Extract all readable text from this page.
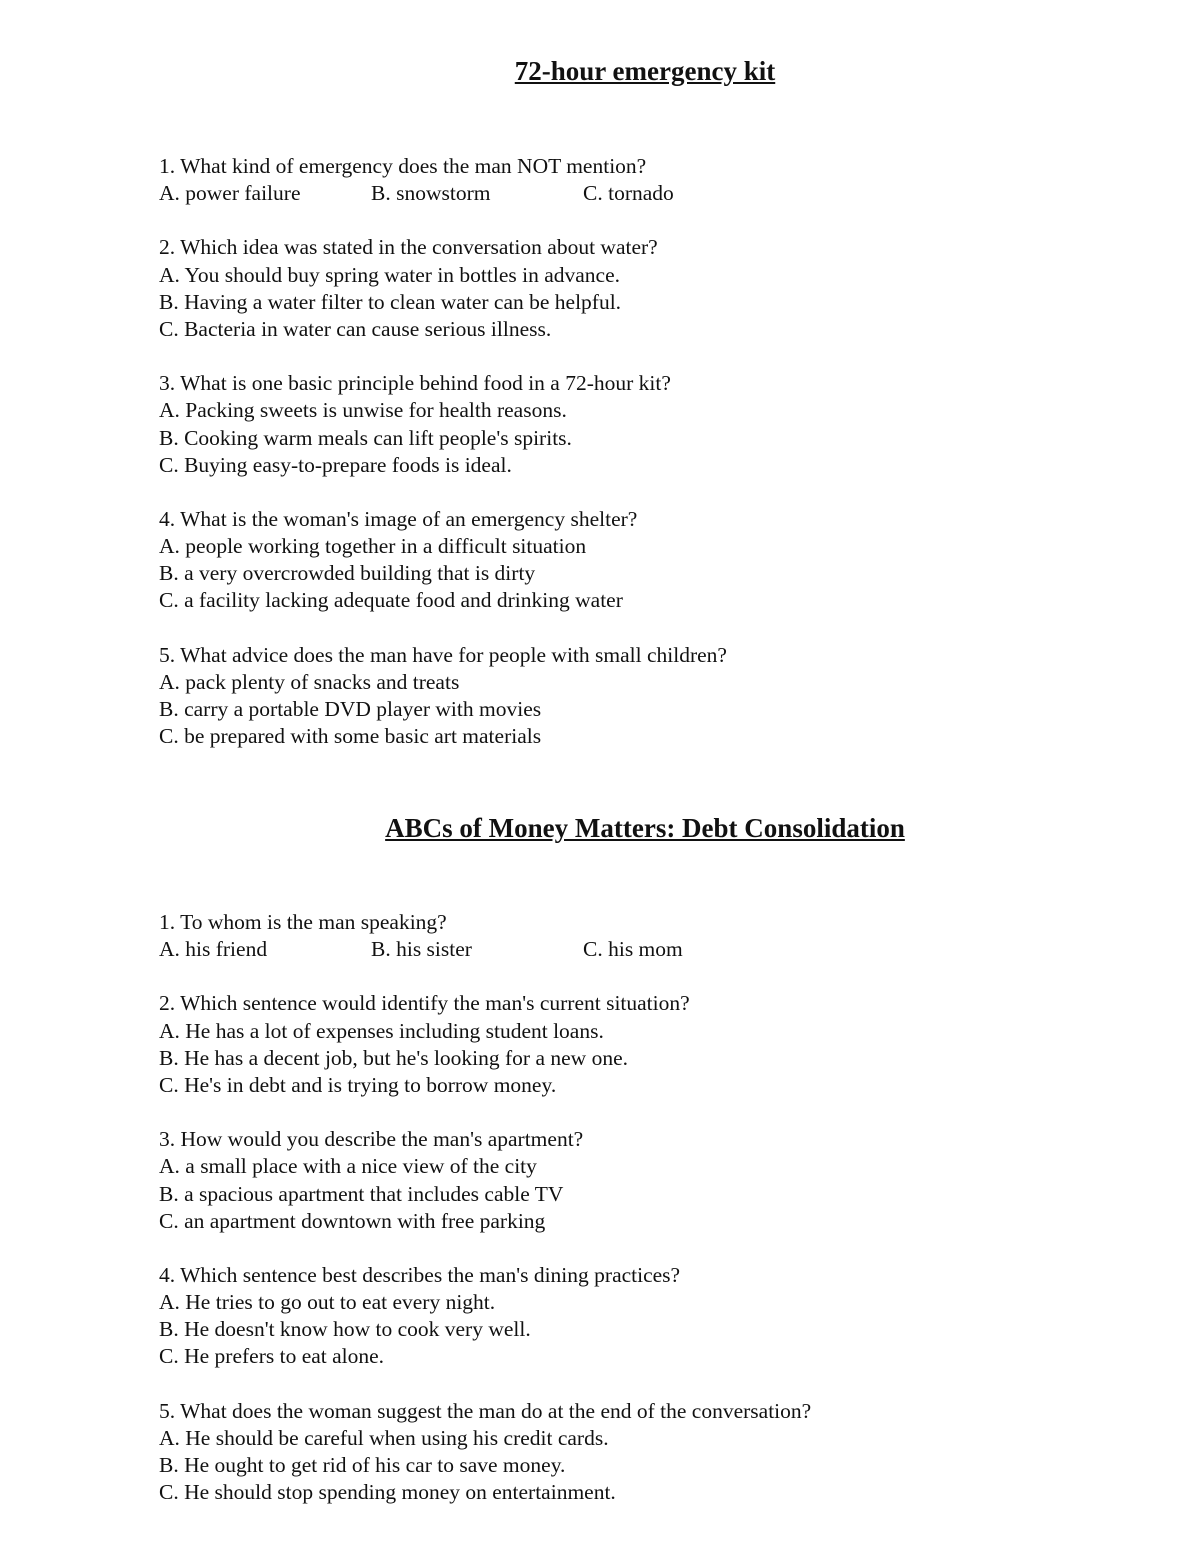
72-hour emergency kit
1. What kind of emergency does the man NOT mention?
A. power failure	B. snowstorm	C. tornado
2. Which idea was stated in the conversation about water?
A. You should buy spring water in bottles in advance.
B. Having a water filter to clean water can be helpful.
C. Bacteria in water can cause serious illness.
3. What is one basic principle behind food in a 72-hour kit?
A. Packing sweets is unwise for health reasons.
B. Cooking warm meals can lift people's spirits.
C. Buying easy-to-prepare foods is ideal.
4. What is the woman's image of an emergency shelter?
A. people working together in a difficult situation
B. a very overcrowded building that is dirty
C. a facility lacking adequate food and drinking water
5. What advice does the man have for people with small children?
A. pack plenty of snacks and treats
B. carry a portable DVD player with movies
C. be prepared with some basic art materials
ABCs of Money Matters: Debt Consolidation
1. To whom is the man speaking?
A. his friend	B. his sister	C. his mom
2. Which sentence would identify the man's current situation?
A. He has a lot of expenses including student loans.
B. He has a decent job, but he's looking for a new one.
C. He's in debt and is trying to borrow money.
3. How would you describe the man's apartment?
A. a small place with a nice view of the city
B. a spacious apartment that includes cable TV
C. an apartment downtown with free parking
4. Which sentence best describes the man's dining practices?
A. He tries to go out to eat every night.
B. He doesn't know how to cook very well.
C. He prefers to eat alone.
5. What does the woman suggest the man do at the end of the conversation?
A. He should be careful when using his credit cards.
B. He ought to get rid of his car to save money.
C. He should stop spending money on entertainment.
